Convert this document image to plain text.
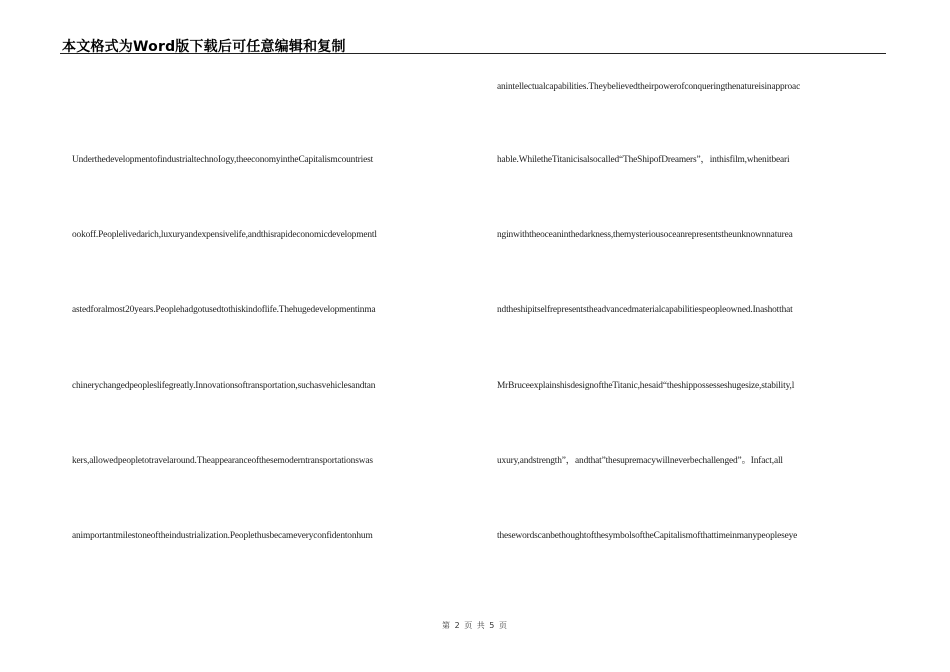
本文格式为Word版下载后可任意编辑和复制
UnderthedevelopmentofindustrialtechnoIogy,theeconomyintheCapitalismcountriest
ookoff.Peoplelivedarich,luxuryandexpensivelife,andthisrapideconomicdevelopmentl
astedforalmost20years.Peoplehadgotusedtothiskindoflife.Thehugedevelopmentinma
chinerychangedpeopleslifegreatly.Innovationsoftransportation,suchasvehiclesandtan
kers,allowedpeopletotravelaround.Theappearanceofthesemoderntransportationswas
animportantmilestoneoftheindustrialization.Peoplethusbecameveryconfidentonhum
anintellectualcapabilities.Theybelievedtheirpowerofconqueringthenatureisinapproac
hable.WhiletheTitanicisalsocalled“TheShipofDreamers”，inthisfilm,whenitbeari
nginwiththeoceaninthedarkness,themysteriousoceanrepresentstheunknownnaturea
ndtheshipitselfrepresentstheadvancedmaterialcapabilitiespeopleowned.Inashotthat
MrBruceexplainshisdesignoftheTitanic,hesaid“theshippossesseshugesize,stability,l
uxury,andstrength”，andthat”thesupremacywillneverbechallenged”。Infact,all
thesewordscanbethoughtofthesymbolsoftheCapitalismofthattimeinmanypeopleseye
第 2 页 共 5 页
